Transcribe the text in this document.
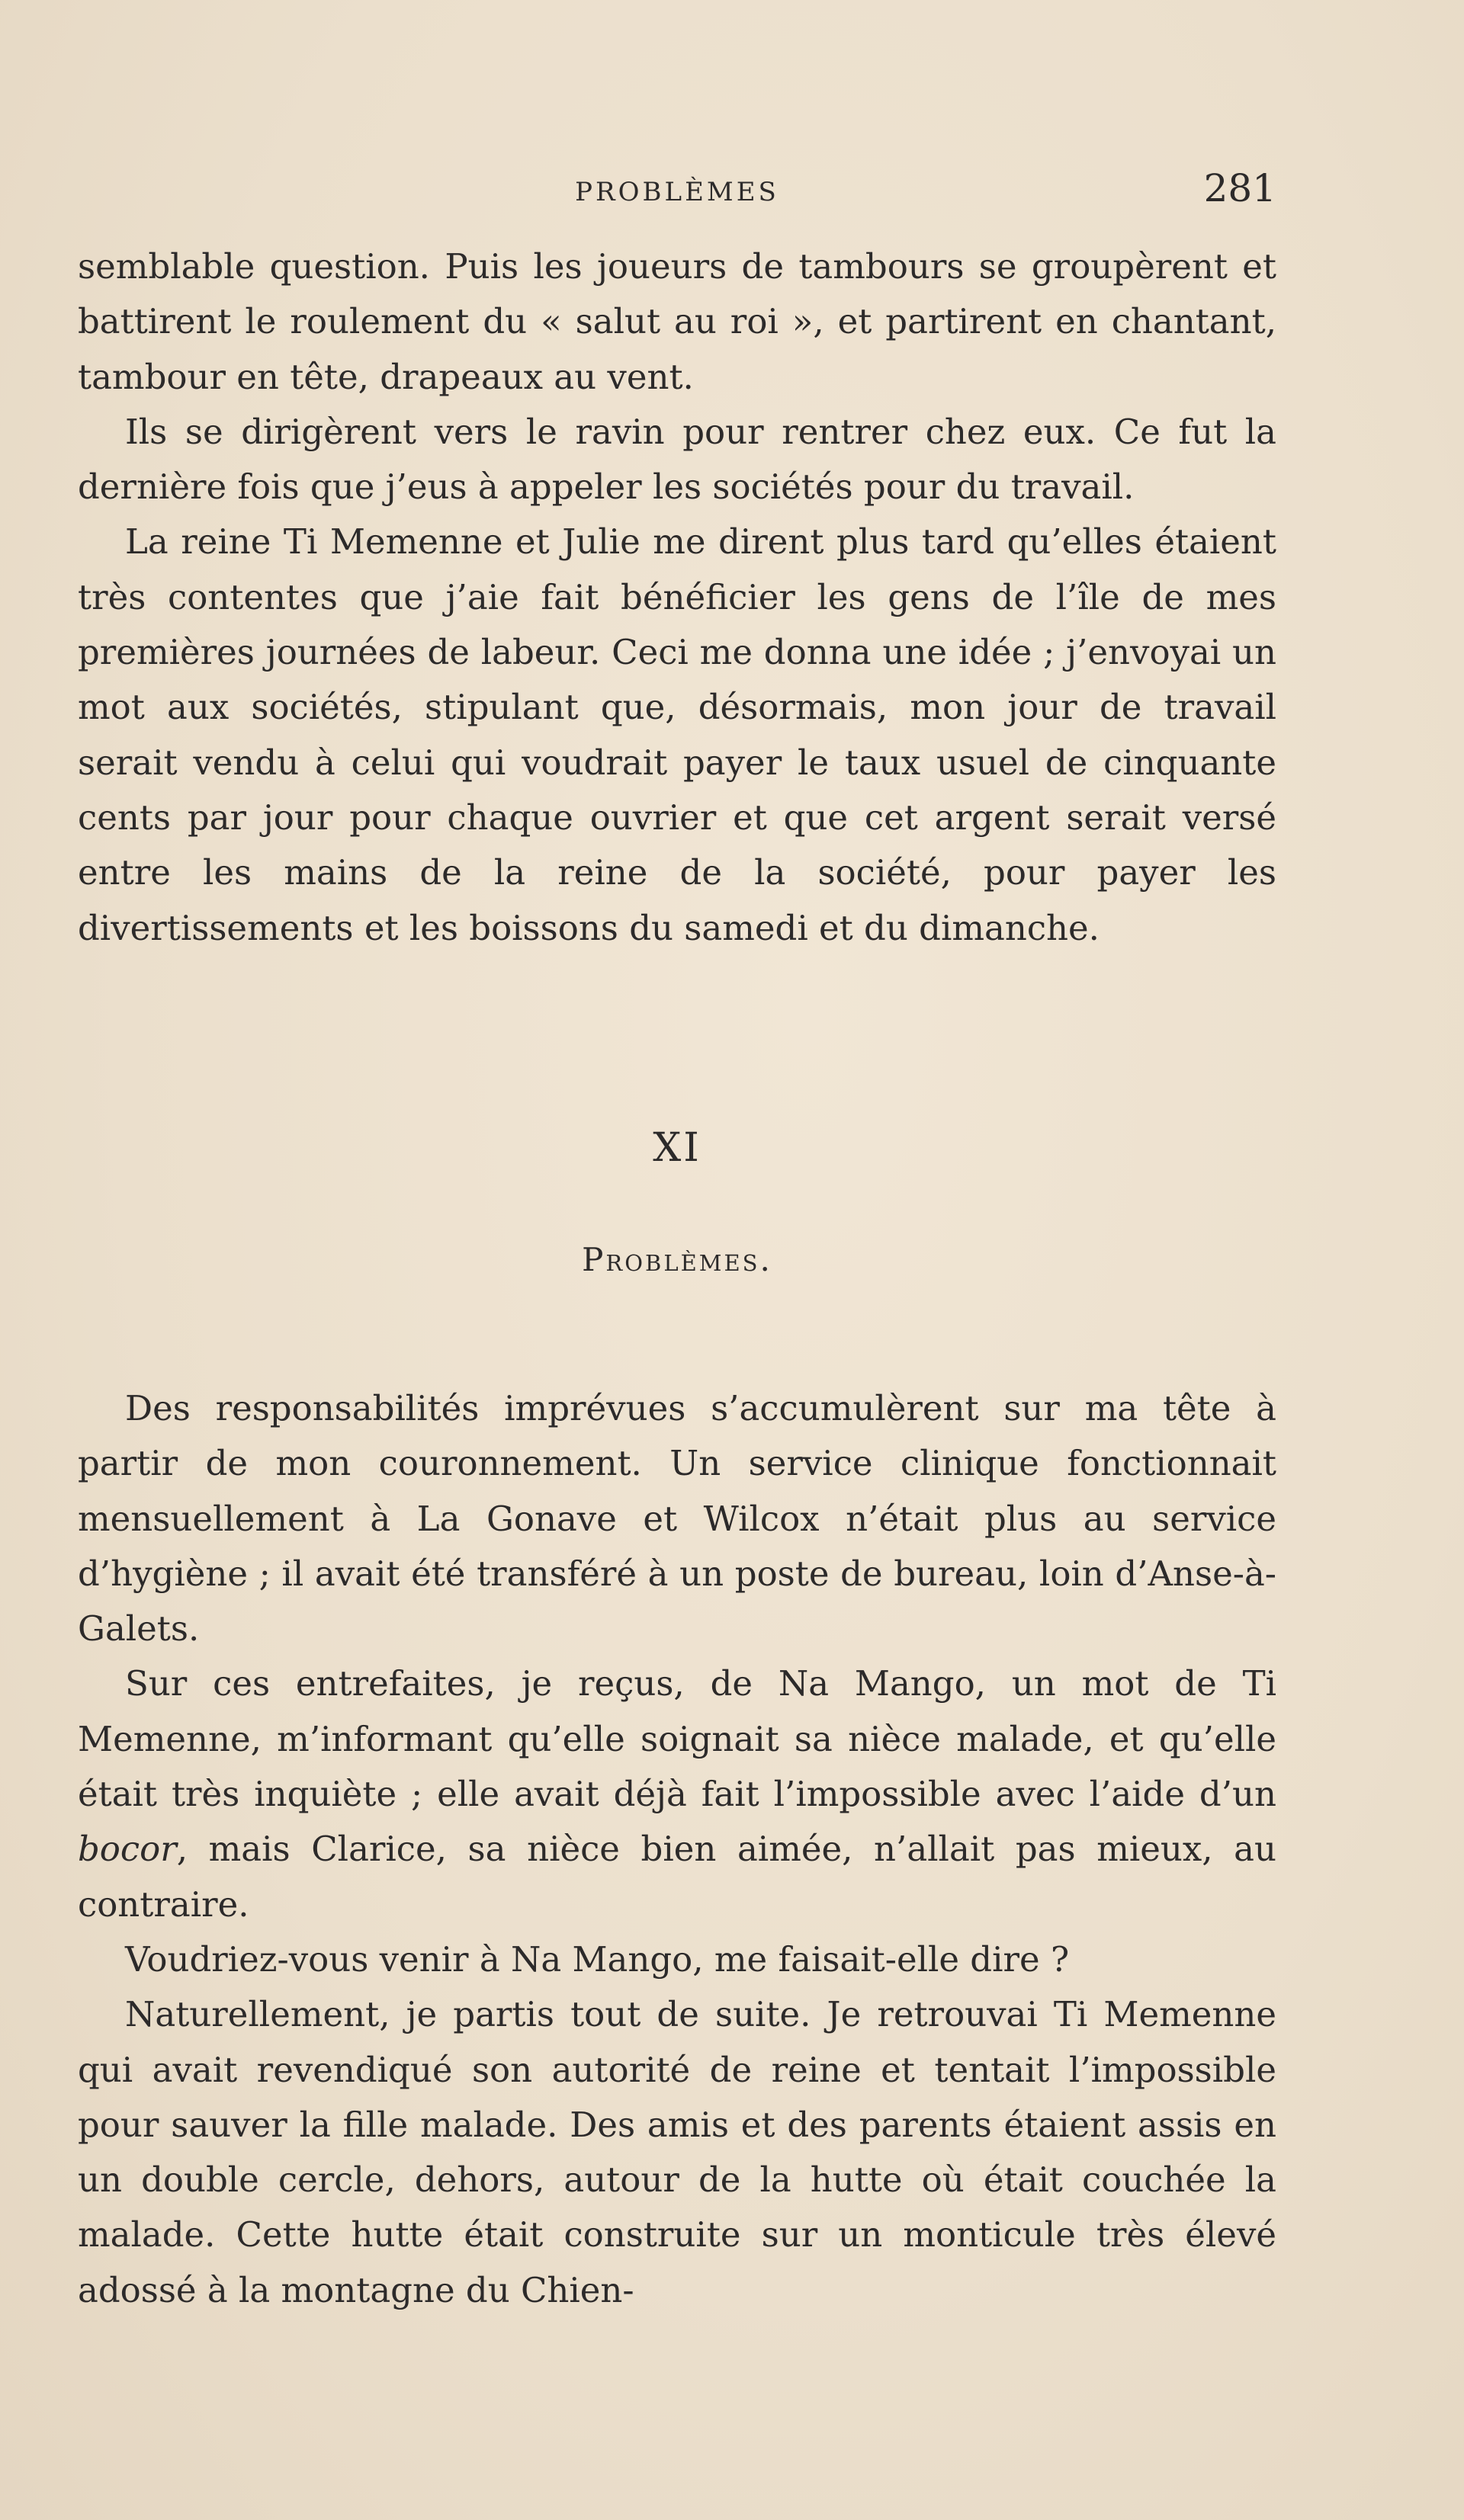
PROBLÈMES	281

semblable question. Puis les joueurs de tambours se groupèrent et battirent le roulement du « salut au roi », et partirent en chantant, tambour en tête, drapeaux au vent.

Ils se dirigèrent vers le ravin pour rentrer chez eux. Ce fut la dernière fois que j’eus à appeler les sociétés pour du travail.

La reine Ti Memenne et Julie me dirent plus tard qu’elles étaient très contentes que j’aie fait bénéficier les gens de l’île de mes premières journées de labeur. Ceci me donna une idée ; j’envoyai un mot aux sociétés, stipulant que, désormais, mon jour de travail serait vendu à celui qui voudrait payer le taux usuel de cinquante cents par jour pour chaque ouvrier et que cet argent serait versé entre les mains de la reine de la société, pour payer les divertissements et les boissons du samedi et du dimanche.

XI
Problèmes.

Des responsabilités imprévues s’accumulèrent sur ma tête à partir de mon couronnement. Un service clinique fonctionnait mensuellement à La Gonave et Wilcox n’était plus au service d’hygiène ; il avait été transféré à un poste de bureau, loin d’Anse-à-Galets.

Sur ces entrefaites, je reçus, de Na Mango, un mot de Ti Memenne, m’informant qu’elle soignait sa nièce malade, et qu’elle était très inquiète ; elle avait déjà fait l’impossible avec l’aide d’un bocor, mais Clarice, sa nièce bien aimée, n’allait pas mieux, au contraire.

Voudriez-vous venir à Na Mango, me faisait-elle dire ?

Naturellement, je partis tout de suite. Je retrouvai Ti Memenne qui avait revendiqué son autorité de reine et tentait l’impossible pour sauver la fille malade. Des amis et des parents étaient assis en un double cercle, dehors, autour de la hutte où était couchée la malade. Cette hutte était construite sur un monticule très élevé adossé à la montagne du Chien-
